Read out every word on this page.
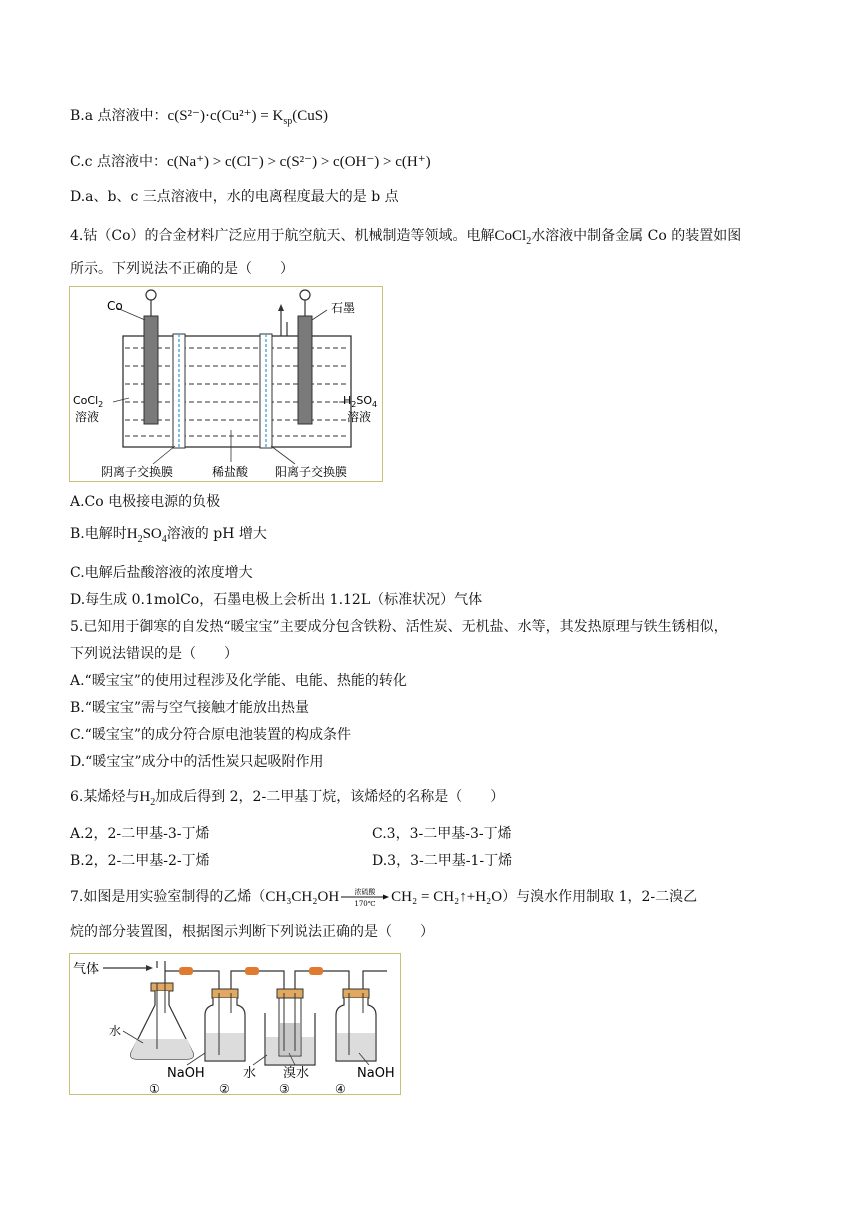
B.a 点溶液中：$c(S^{2-})\cdot c(Cu^{2+}) = K_{sp}(CuS)$
C.c 点溶液中：c(Na⁺) > c(Cl⁻) > c(S²⁻) > c(OH⁻) > c(H⁺)
D.a、b、c 三点溶液中，水的电离程度最大的是 b 点
4.钴（Co）的合金材料广泛应用于航空航天、机械制造等领域。电解CoCl$_2$水溶液中制备金属 Co 的装置如图
所示。下列说法不正确的是（　　）
Co	石墨
CoCl$_2$
溶液
$H_2SO_4$
溶液
阴离子交换膜	稀盐酸 阳离子交换膜
A.Co 电极接电源的负极
B.电解时$H_2SO_4$溶液的 pH 增大
C.电解后盐酸溶液的浓度增大
D.每生成 0.1molCo，石墨电极上会析出 1.12L（标准状况）气体
5.已知用于御寒的自发热“暖宝宝”主要成分包含铁粉、活性炭、无机盐、水等，其发热原理与铁生锈相似，
下列说法错误的是（　　）
A.“暖宝宝”的使用过程涉及化学能、电能、热能的转化
B.“暖宝宝”需与空气接触才能放出热量
C.“暖宝宝”的成分符合原电池装置的构成条件
D.“暖宝宝”成分中的活性炭只起吸附作用
6.某烯烃与$H_2$加成后得到 2，2-二甲基丁烷，该烯烃的名称是（　　）
A.2，2-二甲基-3-丁烯	C.3，3-二甲基-3-丁烯
B.2，2-二甲基-2-丁烯	D.3，3-二甲基-1-丁烯
7.如图是用实验室制得的乙烯（CH₃CH₂OH 浓硫酸
170℃ CH₂ = CH₂↑+H₂O）与溴水作用制取 1，2-二溴乙
烷的部分装置图，根据图示判断下列说法正确的是（　　）
气体
水
NaOH	水 溴水	NaOH
①	②	③	④
